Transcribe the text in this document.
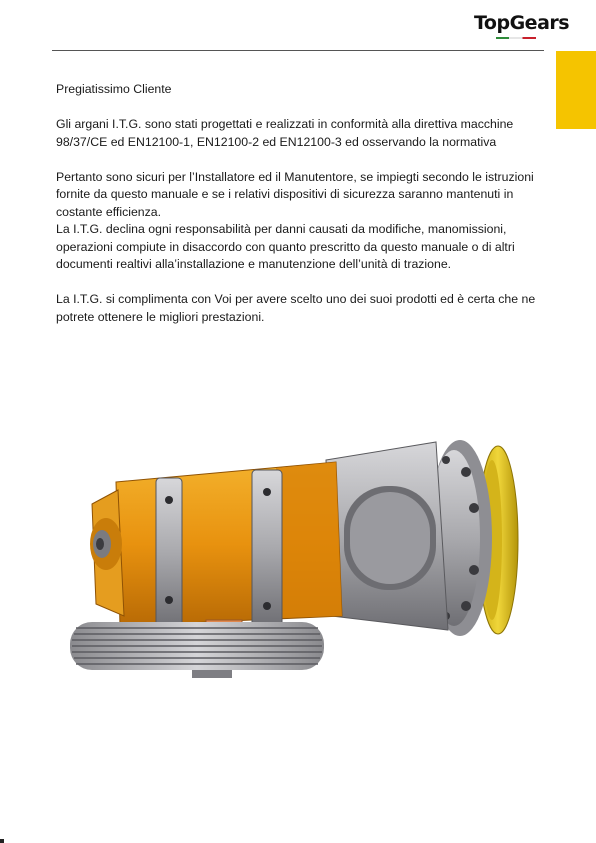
TopGears

Pregiatissimo Cliente

Gli argani I.T.G. sono stati progettati e realizzati in conformità alla direttiva macchine 98/37/CE ed EN12100-1, EN12100-2 ed EN12100-3 ed osservando la normativa

Pertanto sono sicuri per l’Installatore ed il Manutentore, se impiegti secondo le istruzioni fornite da questo manuale e se i relativi dispositivi di sicurezza saranno mantenuti in costante efficienza.

La I.T.G. declina ogni responsabilità per danni causati da modifiche, manomissioni, operazioni compiute in disaccordo con quanto prescritto da questo manuale o di altri documenti realtivi alla’installazione e manutenzione dell’unità di trazione.

La I.T.G. si complimenta con Voi per avere scelto uno dei suoi prodotti ed è certa che ne potrete ottenere le migliori prestazioni.
